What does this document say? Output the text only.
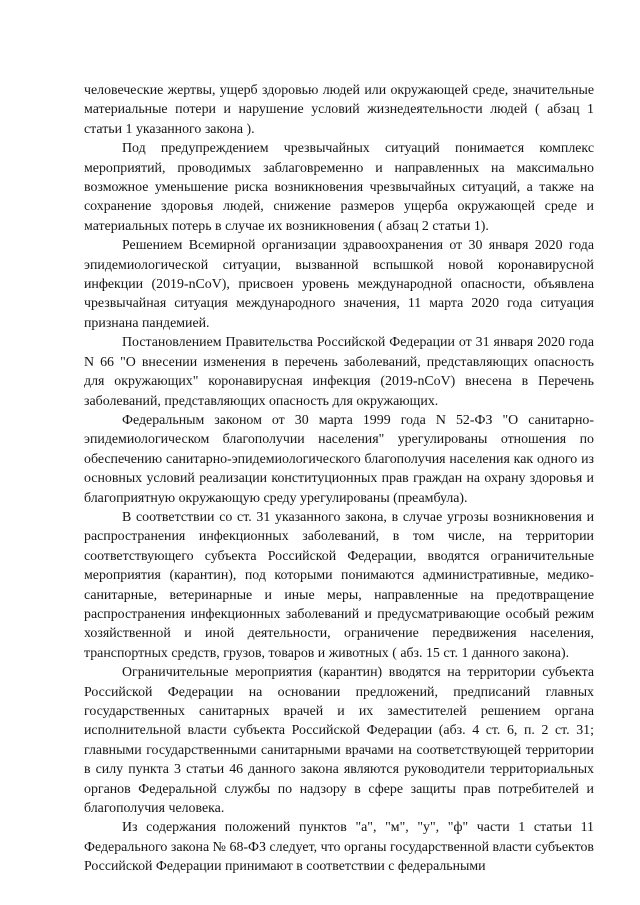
человеческие жертвы, ущерб здоровью людей или окружающей среде, значительные материальные потери и нарушение условий жизнедеятельности людей ( абзац 1 статьи 1 указанного закона ).

Под предупреждением чрезвычайных ситуаций понимается комплекс мероприятий, проводимых заблаговременно и направленных на максимально возможное уменьшение риска возникновения чрезвычайных ситуаций, а также на сохранение здоровья людей, снижение размеров ущерба окружающей среде и материальных потерь в случае их возникновения ( абзац 2 статьи 1).

Решением Всемирной организации здравоохранения от 30 января 2020 года эпидемиологической ситуации, вызванной вспышкой новой коронавирусной инфекции (2019-nCoV), присвоен уровень международной опасности, объявлена чрезвычайная ситуация международного значения, 11 марта 2020 года ситуация признана пандемией.

Постановлением Правительства Российской Федерации от 31 января 2020 года N 66 "О внесении изменения в перечень заболеваний, представляющих опасность для окружающих" коронавирусная инфекция (2019-nCoV) внесена в Перечень заболеваний, представляющих опасность для окружающих.

Федеральным законом от 30 марта 1999 года N 52-ФЗ "О санитарно-эпидемиологическом благополучии населения" урегулированы отношения по обеспечению санитарно-эпидемиологического благополучия населения как одного из основных условий реализации конституционных прав граждан на охрану здоровья и благоприятную окружающую среду урегулированы (преамбула).

В соответствии со ст. 31 указанного закона, в случае угрозы возникновения и распространения инфекционных заболеваний, в том числе, на территории соответствующего субъекта Российской Федерации, вводятся ограничительные мероприятия (карантин), под которыми понимаются административные, медико-санитарные, ветеринарные и иные меры, направленные на предотвращение распространения инфекционных заболеваний и предусматривающие особый режим хозяйственной и иной деятельности, ограничение передвижения населения, транспортных средств, грузов, товаров и животных ( абз. 15 ст. 1 данного закона).

Ограничительные мероприятия (карантин) вводятся на территории субъекта Российской Федерации на основании предложений, предписаний главных государственных санитарных врачей и их заместителей решением органа исполнительной власти субъекта Российской Федерации (абз. 4 ст. 6, п. 2 ст. 31; главными государственными санитарными врачами на соответствующей территории в силу пункта 3 статьи 46 данного закона являются руководители территориальных органов Федеральной службы по надзору в сфере защиты прав потребителей и благополучия человека.

Из содержания положений пунктов "а", "м", "у", "ф" части 1 статьи 11 Федерального закона № 68-ФЗ следует, что органы государственной власти субъектов Российской Федерации принимают в соответствии с федеральными
